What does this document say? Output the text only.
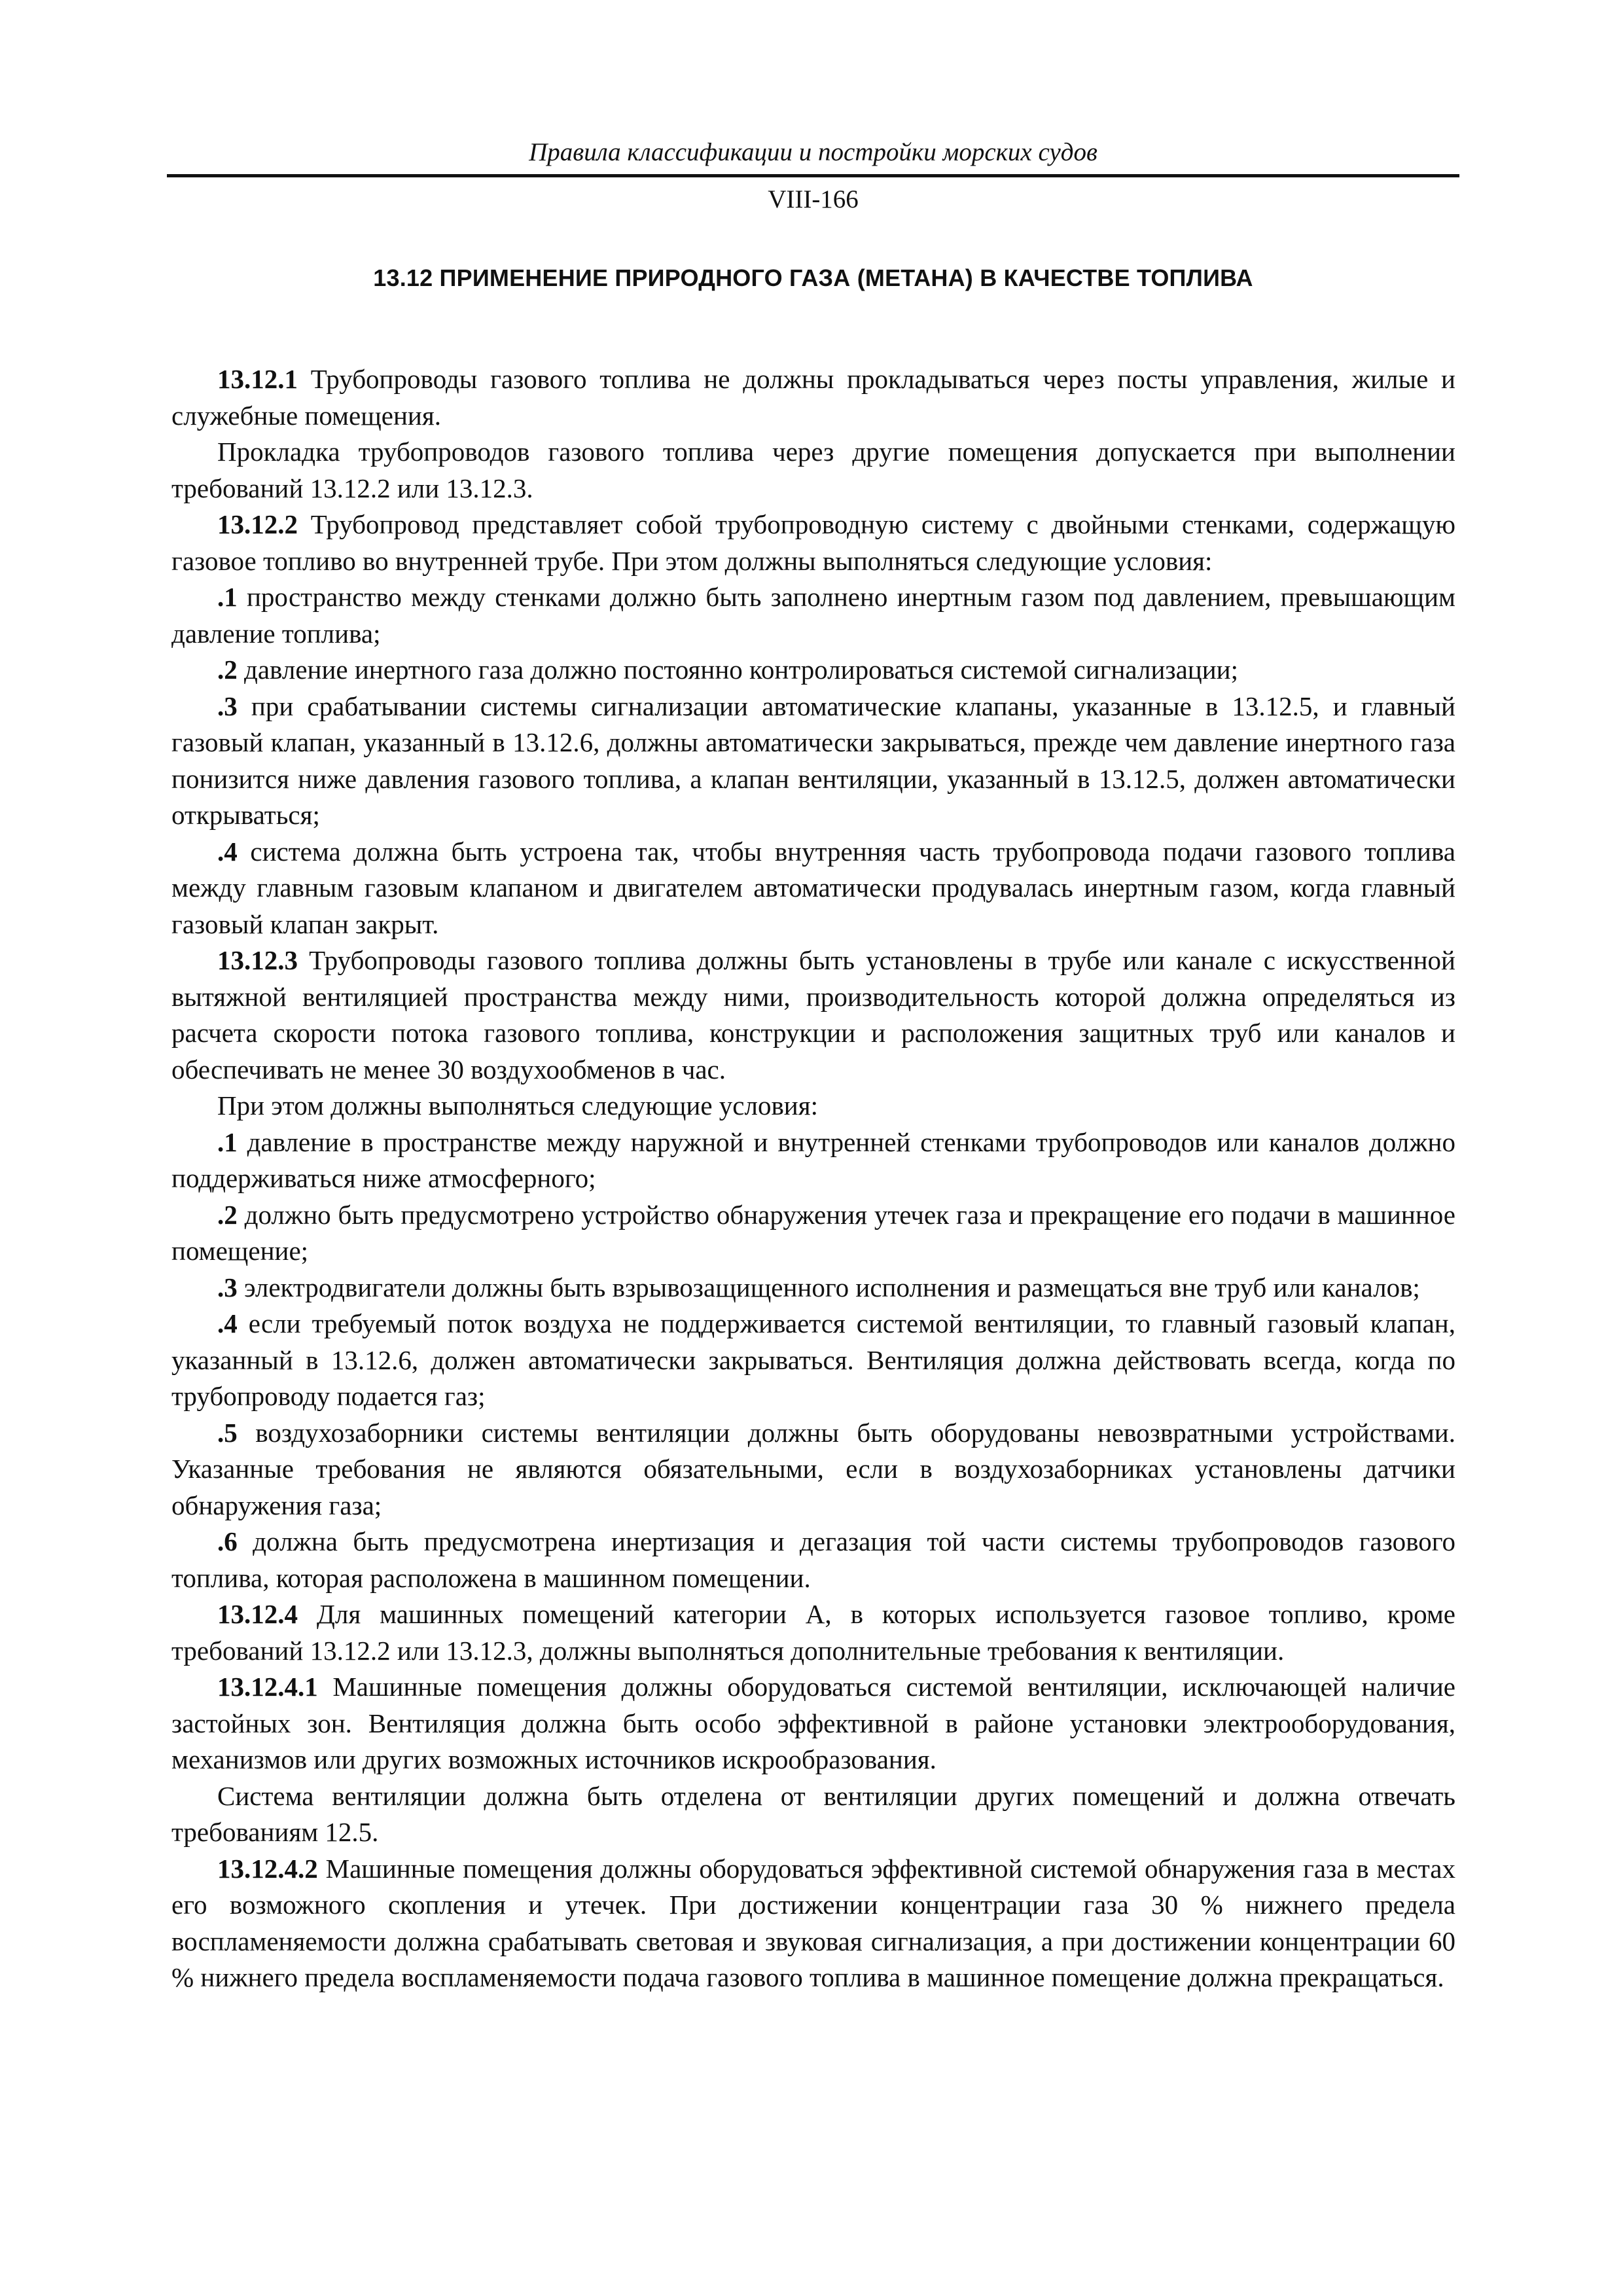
Правила классификации и постройки морских судов
VIII-166
13.12 ПРИМЕНЕНИЕ ПРИРОДНОГО ГАЗА (МЕТАНА) В КАЧЕСТВЕ ТОПЛИВА

13.12.1 Трубопроводы газового топлива не должны прокладываться через посты управления, жилые и служебные помещения.

Прокладка трубопроводов газового топлива через другие помещения допускается при выполнении требований 13.12.2 или 13.12.3.

13.12.2 Трубопровод представляет собой трубопроводную систему с двойными стенками, содержащую газовое топливо во внутренней трубе. При этом должны выполняться следующие условия:

.1 пространство между стенками должно быть заполнено инертным газом под давлением, превышающим давление топлива;

.2 давление инертного газа должно постоянно контролироваться системой сигнализации;

.3 при срабатывании системы сигнализации автоматические клапаны, указанные в 13.12.5, и главный газовый клапан, указанный в 13.12.6, должны автоматически закрываться, прежде чем давление инертного газа понизится ниже давления газового топлива, а клапан вентиляции, указанный в 13.12.5, должен автоматически открываться;

.4 система должна быть устроена так, чтобы внутренняя часть трубопровода подачи газового топлива между главным газовым клапаном и двигателем автоматически продувалась инертным газом, когда главный газовый клапан закрыт.

13.12.3 Трубопроводы газового топлива должны быть установлены в трубе или канале с искусственной вытяжной вентиляцией пространства между ними, производительность которой должна определяться из расчета скорости потока газового топлива, конструкции и расположения защитных труб или каналов и обеспечивать не менее 30 воздухообменов в час.

При этом должны выполняться следующие условия:

.1 давление в пространстве между наружной и внутренней стенками трубопроводов или каналов должно поддерживаться ниже атмосферного;

.2 должно быть предусмотрено устройство обнаружения утечек газа и прекращение его подачи в машинное помещение;

.3 электродвигатели должны быть взрывозащищенного исполнения и размещаться вне труб или каналов;

.4 если требуемый поток воздуха не поддерживается системой вентиляции, то главный газовый клапан, указанный в 13.12.6, должен автоматически закрываться. Вентиляция должна действовать всегда, когда по трубопроводу подается газ;

.5 воздухозаборники системы вентиляции должны быть оборудованы невозвратными устройствами. Указанные требования не являются обязательными, если в воздухозаборниках установлены датчики обнаружения газа;

.6 должна быть предусмотрена инертизация и дегазация той части системы трубопроводов газового топлива, которая расположена в машинном помещении.

13.12.4 Для машинных помещений категории А, в которых используется газовое топливо, кроме требований 13.12.2 или 13.12.3, должны выполняться дополнительные требования к вентиляции.

13.12.4.1 Машинные помещения должны оборудоваться системой вентиляции, исключающей наличие застойных зон. Вентиляция должна быть особо эффективной в районе установки электрооборудования, механизмов или других возможных источников искрообразования.

Система вентиляции должна быть отделена от вентиляции других помещений и должна отвечать требованиям 12.5.

13.12.4.2 Машинные помещения должны оборудоваться эффективной системой обнаружения газа в местах его возможного скопления и утечек. При достижении концентрации газа 30 % нижнего предела воспламеняемости должна срабатывать световая и звуковая сигнализация, а при достижении концентрации 60 % нижнего предела воспламеняемости подача газового топлива в машинное помещение должна прекращаться.
